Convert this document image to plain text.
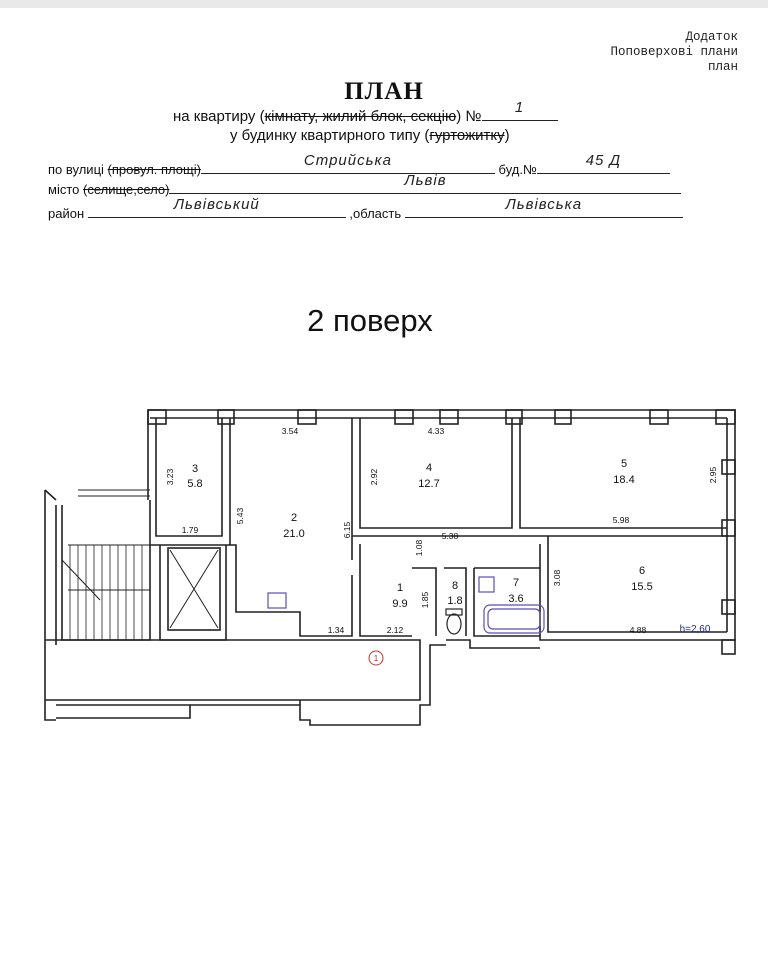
Додаток
Поповерхові плани
план
ПЛАН
на квартиру (кімнату, жилий блок, секцію) №
1
у будинку квартирного типу (гуртожитку)
по вулиці (провул. площі)
Стрийська
буд.№
45 Д
місто (селище,село)
Львів
район
Львівський
,область
Львівська
2 поверх
1
3
5.8
2
21.0
4
12.7
5
18.4
6
15.5
1
9.9
8
1.8
7
3.6
3.54	4.33
2.95
5.98
3.23
5.43
1.79
2.92
6.15	5.38
1.08
3.08
1.85
1.34	2.12	4.88	h=2,60
